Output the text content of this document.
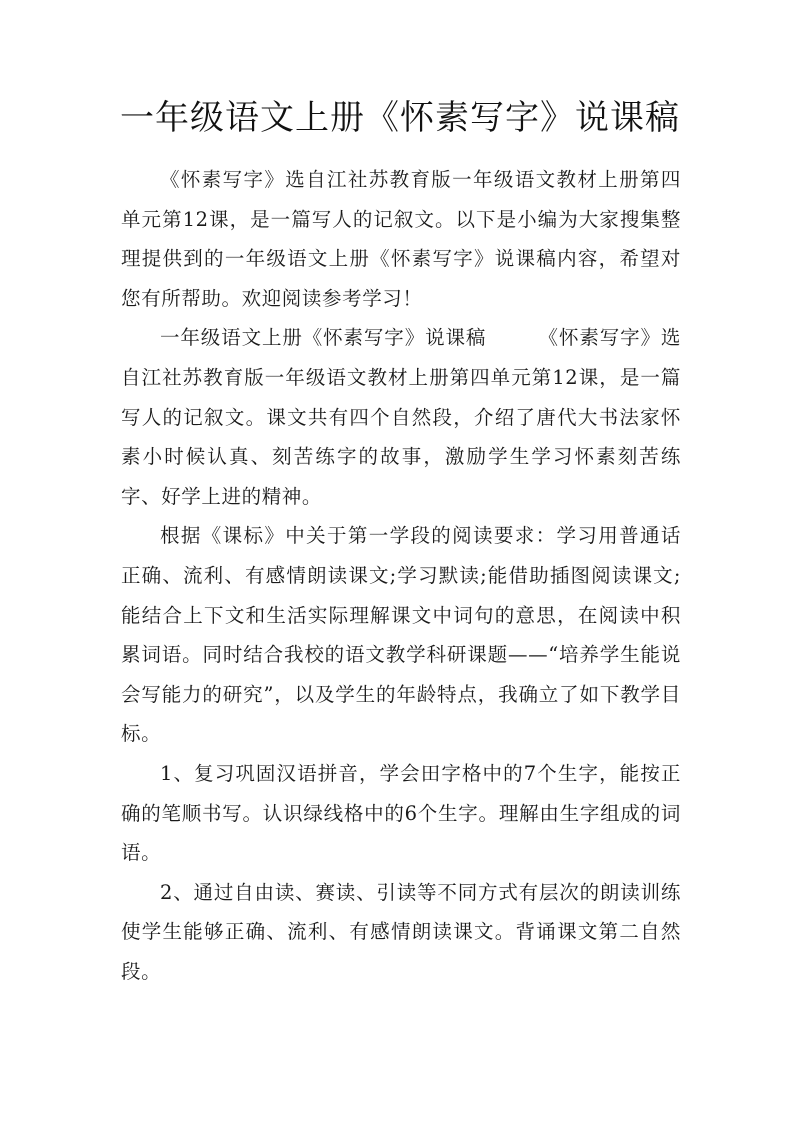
一年级语文上册《怀素写字》说课稿

《怀素写字》选自江社苏教育版一年级语文教材上册第四单元第12课，是一篇写人的记叙文。以下是小编为大家搜集整理提供到的一年级语文上册《怀素写字》说课稿内容，希望对您有所帮助。欢迎阅读参考学习！

一年级语文上册《怀素写字》说课稿	《怀素写字》选自江社苏教育版一年级语文教材上册第四单元第12课，是一篇写人的记叙文。课文共有四个自然段，介绍了唐代大书法家怀素小时候认真、刻苦练字的故事，激励学生学习怀素刻苦练字、好学上进的精神。

根据《课标》中关于第一学段的阅读要求：学习用普通话正确、流利、有感情朗读课文;学习默读;能借助插图阅读课文;能结合上下文和生活实际理解课文中词句的意思，在阅读中积累词语。同时结合我校的语文教学科研课题——“培养学生能说会写能力的研究”，以及学生的年龄特点，我确立了如下教学目标。

1、复习巩固汉语拼音，学会田字格中的7个生字，能按正确的笔顺书写。认识绿线格中的6个生字。理解由生字组成的词语。

2、通过自由读、赛读、引读等不同方式有层次的朗读训练使学生能够正确、流利、有感情朗读课文。背诵课文第二自然段。
